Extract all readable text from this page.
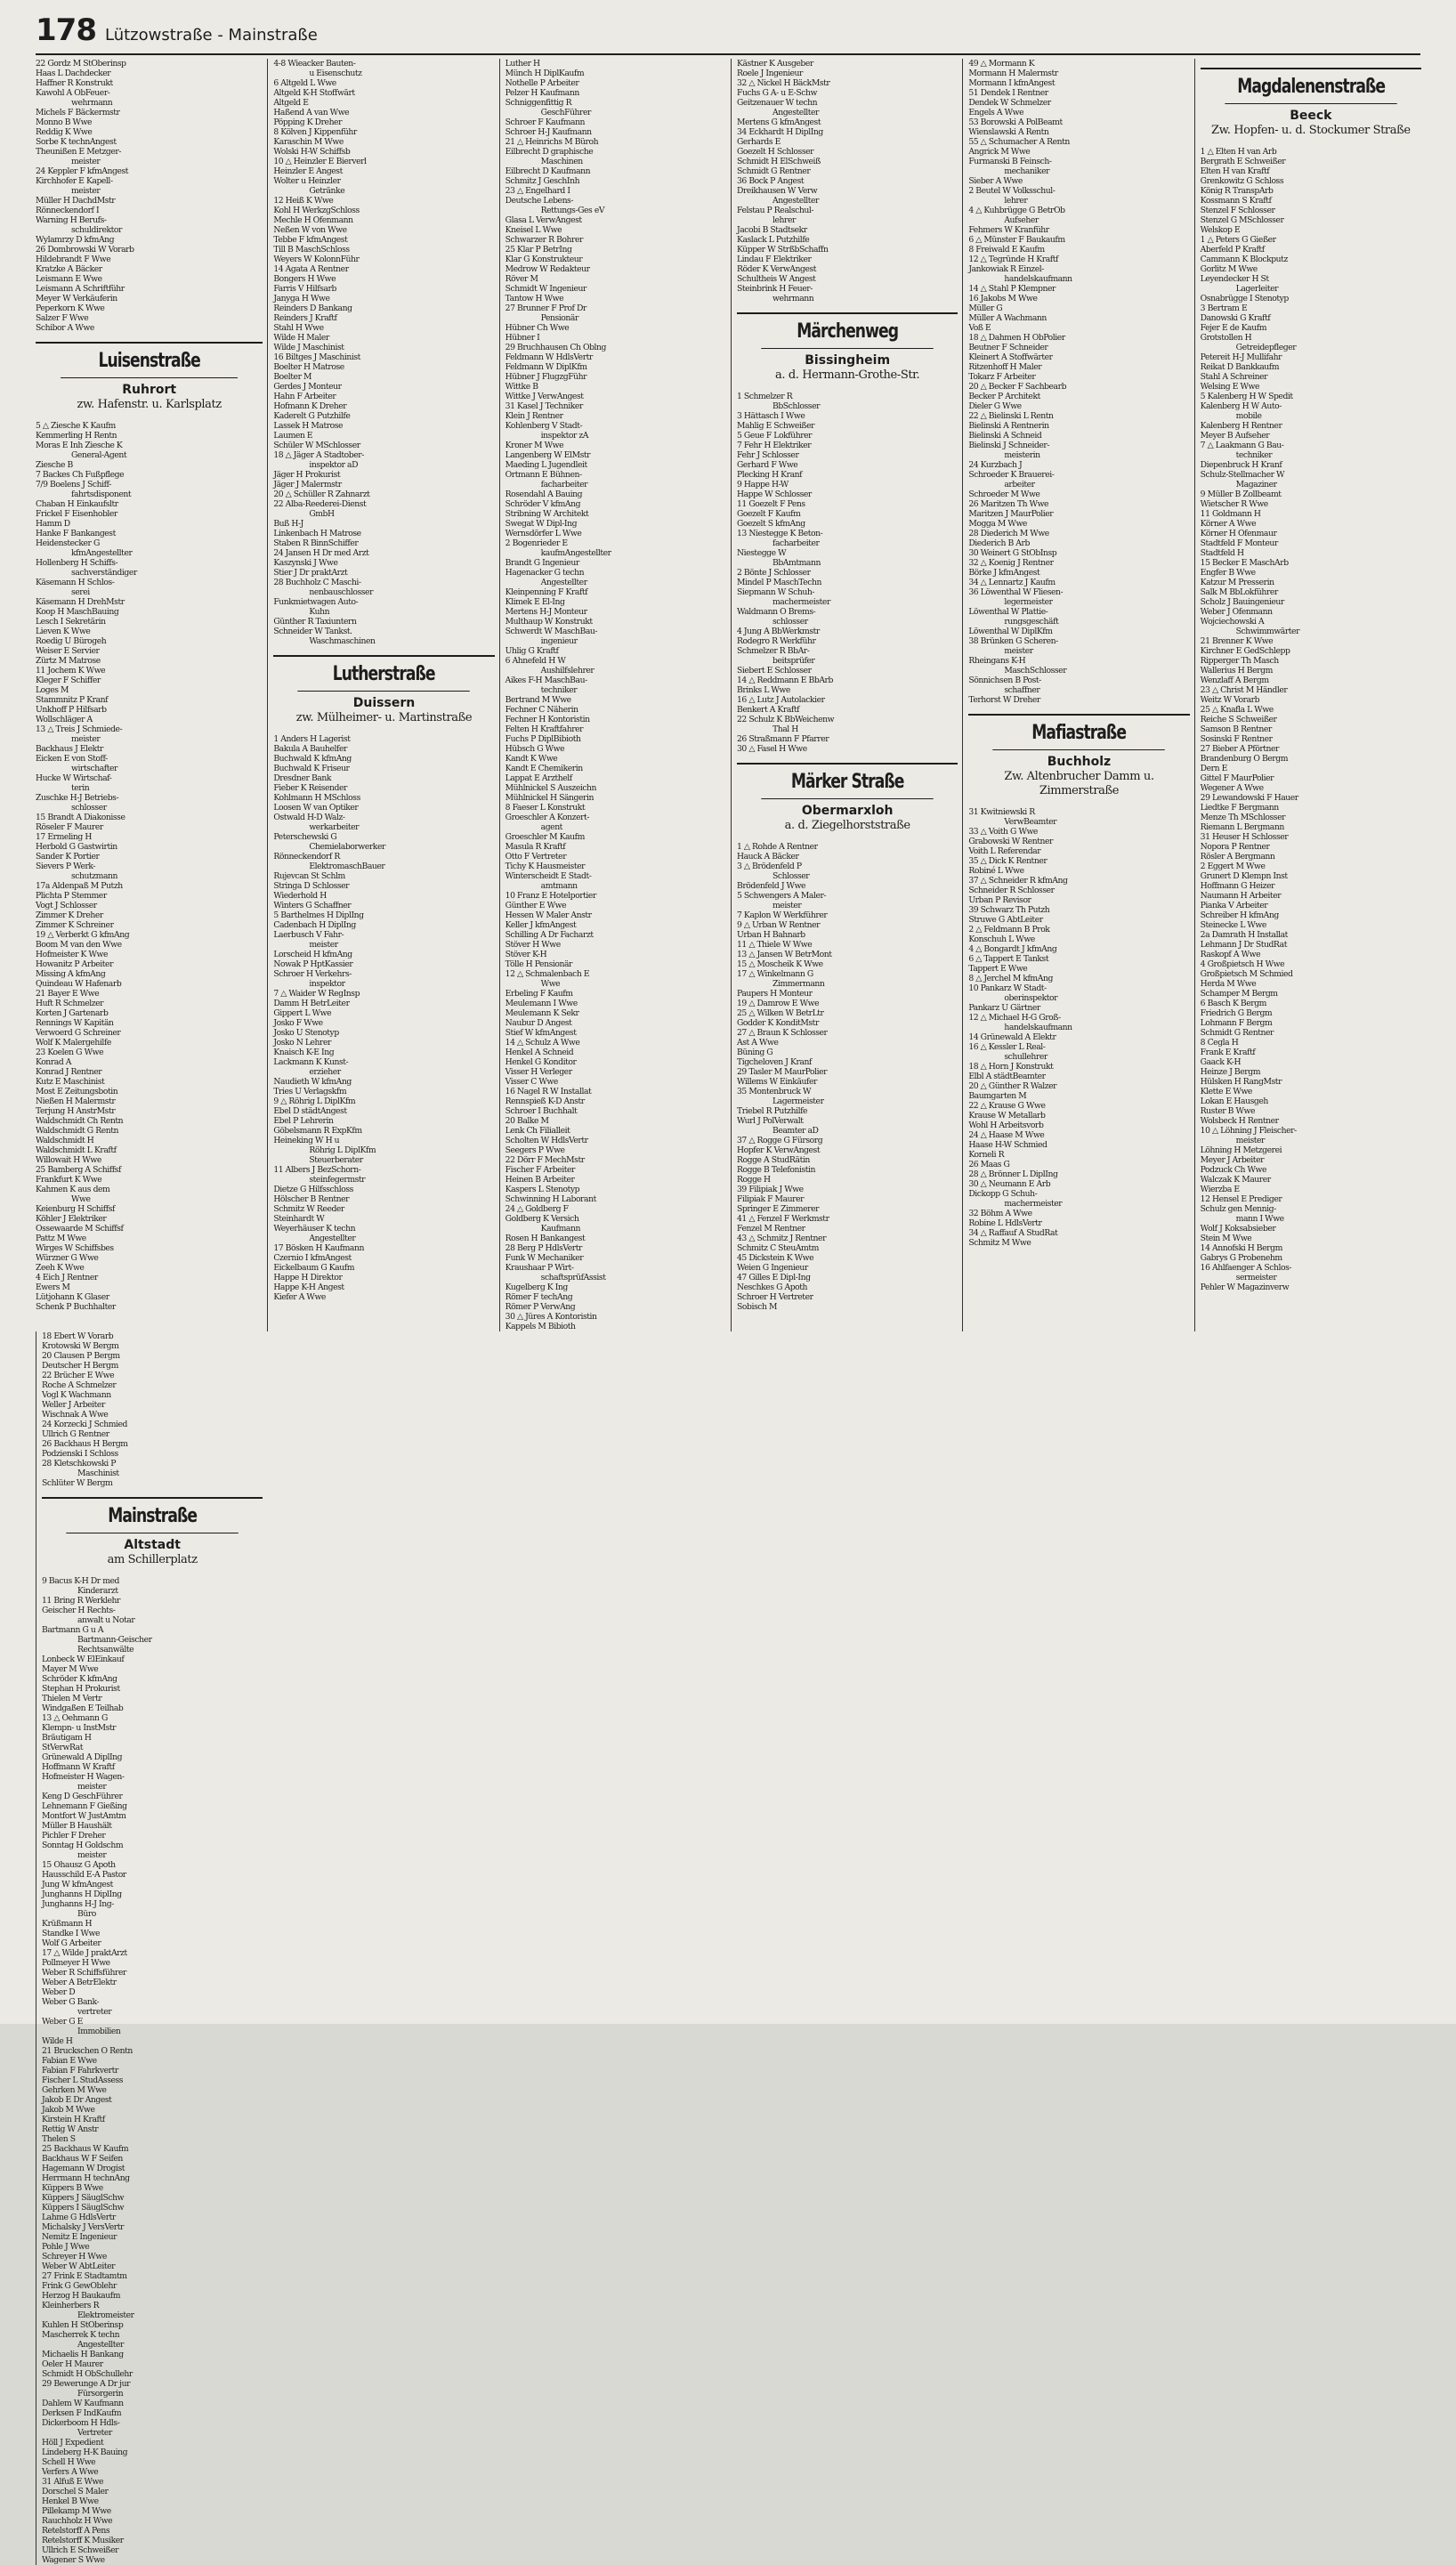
178 Lützowstraße - Mainstraße
22 Gordz M StOberinsp
Haas L Dachdecker
Haffner R Konstrukt
Kawohl A ObFeuer-
wehrmann
Michels F Bäckermstr
Monno B Wwe
Reddig K Wwe
Sorbe K technAngest
Theunißen E Metzger-
meister
24 Keppler F kfmAngest
Kirchhofer E Kapell-
meister
Müller H DachdMstr
Rönneckendorf I
Warning H Berufs-
schuldirektor
Wylamrzy D kfmAng
26 Dombrowski W Vorarb
Hildebrandt F Wwe
Kratzke A Bäcker
Leismann E Wwe
Leismann A Schriftführ
Meyer W Verkäuferin
Peperkorn K Wwe
Salzer F Wwe
Schibor A Wwe
Luisenstraße
Ruhrort
zw. Hafenstr. u. Karlsplatz
5 △ Ziesche K Kaufm
Kemmerling H Rentn
Moras E Inh Ziesche K
General-Agent
Ziesche B
7 Backes Ch Fußpflege
7/9 Boelens J Schiff-
fahrtsdisponent
Chaban H Einkaufsltr
Frickel F Eisenhobler
Hamm D
Hanke F Bankangest
Heidenstecker G
kfmAngestellter
Hollenberg H Schiffs-
sachverständiger
Käsemann H Schlos-
serei
Käsemann H DrehMstr
Koop H MaschBauing
Lesch I Sekretärin
Lieven K Wwe
Roedig U Bürogeh
Weiser E Servier
Zürtz M Matrose
11 Jochem K Wwe
Kleger F Schiffer
Loges M
Stammnitz P Kranf
Unkhoff P Hilfsarb
Wollschläger A
13 △ Treis J Schmiede-
meister
Backhaus J Elektr
Eicken E von Stoff-
wirtschafter
Hucke W Wirtschaf-
terin
Zuschke H-J Betriebs-
schlosser
15 Brandt A Diakonisse
Röseler F Maurer
17 Ermeling H
Herbold G Gastwirtin
Sander K Portier
Sievers P Werk-
schutzmann
17a Aldenpaß M Putzh
Plichta P Stemmer
Vogt J Schlosser
Zimmer K Dreher
Zimmer K Schreiner
19 △ Verberkt G kfmAng
Boom M van den Wwe
Hofmeister K Wwe
Howanitz P Arbeiter
Missing A kfmAng
Quindeau W Hafenarb
21 Bayer E Wwe
Huft R Schmelzer
Korten J Gartenarb
Rennings W Kapitän
Verwoerd G Schreiner
Wolf K Malergehilfe
23 Koelen G Wwe
Konrad A
Konrad J Rentner
Kutz E Maschinist
Most E Zeitungsbotin
Nießen H Malermstr
Terjung H AnstrMstr
Waldschmidt Ch Rentn
Waldschmidt G Rentn
Waldschmidt H
Waldschmidt L Kraftf
Willowait H Wwe
25 Bamberg A Schiffsf
Frankfurt K Wwe
Kahmen K aus dem
Wwe
Keienburg H Schiffsf
Köhler J Elektriker
Ossewaarde M Schiffsf
Pattz M Wwe
Wirges W Schiffsbes
Würzner G Wwe
Zeeh K Wwe
4 Eich J Rentner
Ewers M
Lütjohann K Glaser
Schenk P Buchhalter
4-8 Wieacker Bauten-
u Eisenschutz
6 Altgeld L Wwe
Altgeld K-H Stoffwärt
Altgeld E
Haßend A van Wwe
Pöpping K Dreher
8 Kölven J Kippenführ
Karaschin M Wwe
Wolski H-W Schiffsb
10 △ Heinzler E Bierverl
Heinzler E Angest
Wolter u Heinzler
Getränke
12 Heiß K Wwe
Kohl H WerkzgSchloss
Mechle H Ofenmann
Neßen W von Wwe
Tebbe F kfmAngest
Till B MaschSchloss
Weyers W KolonnFühr
14 Agata A Rentner
Bongers H Wwe
Farris V Hilfsarb
Janyga H Wwe
Reinders D Bankang
Reinders J Kraftf
Stahl H Wwe
Wilde H Maler
Wilde J Maschinist
16 Biltges J Maschinist
Boelter H Matrose
Boelter M
Gerdes J Monteur
Hahn F Arbeiter
Hofmann K Dreher
Kaderelt G Putzhilfe
Lassek H Matrose
Laumen E
Schüler W MSchlosser
18 △ Jäger A Stadtober-
inspektor aD
Jäger H Prokurist
Jäger J Malermstr
20 △ Schüller R Zahnarzt
22 Alba-Reederei-Dienst
GmbH
Buß H-J
Linkenbach H Matrose
Staben R BinnSchiffer
24 Jansen H Dr med Arzt
Kaszynski J Wwe
Stier J Dr praktArzt
28 Buchholz C Maschi-
nenbauschlosser
Funkmietwagen Auto-
Kuhn
Günther R Taxiuntern
Schneider W Tankst.
Waschmaschinen
Lutherstraße
Duissern
zw. Mülheimer- u. Martinstraße
1 Anders H Lagerist
Bakula A Bauhelfer
Buchwald K kfmAng
Buchwald K Friseur
Dresdner Bank
Fieber K Reisender
Kohlmann H MSchloss
Loosen W van Optiker
Ostwald H-D Walz-
werkarbeiter
Peterschewski G
Chemielaborwerker
Rönneckendorf R
ElektromaschBauer
Rujevcan St Schlm
Stringa D Schlosser
Wiederhold H
Winters G Schaffner
5 Barthelmes H DiplIng
Cadenbach H DiplIng
Laerbusch V Fahr-
meister
Lorscheid H kfmAng
Nowak P HptKassier
Schroer H Verkehrs-
inspektor
7 △ Waider W RegInsp
Damm H BetrLeiter
Gippert L Wwe
Josko F Wwe
Josko U Stenotyp
Josko N Lehrer
Knaisch K-E Ing
Lackmann K Kunst-
erzieher
Naudieth W kfmAng
Tries U Verlagskfm
9 △ Röhrig L DiplKfm
Ebel D städtAngest
Ebel P Lehrerin
Göbelsmann R ExpKfm
Heineking W H u
Röhrig L DiplKfm
Steuerberater
11 Albers J BezSchorn-
steinfegermstr
Dietze G Hilfsschloss
Hölscher B Rentner
Schmitz W Reeder
Steinhardt W
Weyerhäuser K techn
Angestellter
17 Bösken H Kaufmann
Czernio I kfmAngest
Eickelbaum G Kaufm
Happe H Direktor
Happe K-H Angest
Kiefer A Wwe
Luther H
Münch H DiplKaufm
Nothelle P Arbeiter
Pelzer H Kaufmann
Schniggenfittig R
GeschFührer
Schroer F Kaufmann
Schroer H-J Kaufmann
21 △ Heinrichs M Büroh
Eilbrecht D graphische
Maschinen
Eilbrecht D Kaufmann
Schmitz J GeschInh
23 △ Engelhard I
Deutsche Lebens-
Rettungs-Ges eV
Glasa L VerwAngest
Kneisel L Wwe
Schwarzer R Bohrer
25 Klar P BetrIng
Klar G Konstrukteur
Medrow W Redakteur
Röver M
Schmidt W Ingenieur
Tantow H Wwe
27 Brunner F Prof Dr
Pensionär
Hübner Ch Wwe
Hübner I
29 Bruchhausen Ch Oblng
Feldmann W HdlsVertr
Feldmann W DiplKfm
Hübner J FlugzgFühr
Wittke B
Wittke J VerwAngest
31 Kasel J Techniker
Klein J Rentner
Kohlenberg V Stadt-
inspektor zA
Kroner M Wwe
Langenberg W ElMstr
Maeding L Jugendleit
Ortmann E Bühnen-
facharbeiter
Rosendahl A Bauing
Schröder V kfmAng
Stribning W Architekt
Swegat W Dipl-Ing
Wernsdörfer L Wwe
2 Bogenrieder E
kaufmAngestellter
Brandt G Ingenieur
Hagenacker G techn
Angestellter
Kleinpenning F Kraftf
Klimek E El-Ing
Mertens H-J Monteur
Multhaup W Konstrukt
Schwerdt W MaschBau-
ingenieur
Uhlig G Kraftf
6 Ahnefeld H W
Aushilfslehrer
Aikes F-H MaschBau-
techniker
Bertrand M Wwe
Fechner C Näherin
Fechner H Kontoristin
Felten H Kraftfahrer
Fuchs P DiplBibioth
Hübsch G Wwe
Kandt K Wwe
Kandt E Chemikerin
Lappat E Arzthelf
Mühlnickel S Auszeichn
Mühlnickel H Sängerin
8 Faeser L Konstrukt
Groeschler A Konzert-
agent
Groeschler M Kaufm
Masula R Kraftf
Otto F Vertreter
Tichy K Hausmeister
Winterscheidt E Stadt-
amtmann
10 Franz E Hotelportier
Günther E Wwe
Hessen W Maler Anstr
Keller J kfmAngest
Schilling A Dr Facharzt
Stöver H Wwe
Stöver K-H
Tölle H Pensionär
12 △ Schmalenbach E
Wwe
Erbeling F Kaufm
Meulemann I Wwe
Meulemann K Sekr
Naubur D Angest
Stief W kfmAngest
14 △ Schulz A Wwe
Henkel A Schneid
Henkel G Konditor
Visser H Verleger
Visser C Wwe
16 Nagel R W Installat
Rennspieß K-D Anstr
Schroer I Buchhalt
20 Balke M
Lenk Ch Filialleit
Scholten W HdlsVertr
Seegers P Wwe
22 Dörr F MechMstr
Fischer F Arbeiter
Heinen B Arbeiter
Kaspers L Stenotyp
Schwinning H Laborant
24 △ Goldberg F
Goldberg K Versich
Kaufmann
Rosen H Bankangest
28 Berg P HdlsVertr
Funk W Mechaniker
Kraushaar P Wirt-
schaftsprüfAssist
Kugelberg K Ing
Römer F techAng
Römer P VerwAng
30 △ Jüres A Kontoristin
Kappels M Bibioth
Kästner K Ausgeber
Roele J Ingenieur
32 △ Nickel H BäckMstr
Fuchs G A- u E-Schw
Geitzenauer W techn
Angestellter
Mertens G kfmAngest
34 Eckhardt H DiplIng
Gerhards E
Goezelt H Schlosser
Schmidt H ElSchweiß
Schmidt G Rentner
36 Bock P Angest
Dreikhausen W Verw
Angestellter
Felstau P Realschul-
lehrer
Jacobi B Stadtsekr
Kaslack L Putzhilfe
Küpper W StrßbSchaffn
Lindau F Elektriker
Röder K VerwAngest
Schultheis W Angest
Steinbrink H Feuer-
wehrmann
Märchenweg
Bissingheim
a. d. Hermann-Grothe-Str.
1 Schmelzer R
BbSchlosser
3 Hättasch I Wwe
Mahlig E Schweißer
5 Geue F Lokführer
7 Fehr H Elektriker
Fehr J Schlosser
Gerhard F Wwe
Plecking H Kranf
9 Happe H-W
Happe W Schlosser
11 Goezelt F Pens
Goezelt F Kaufm
Goezelt S kfmAng
13 Niestegge K Beton-
facharbeiter
Niestegge W
BbAmtmann
2 Bönte J Schlosser
Mindel P MaschTechn
Siepmann W Schuh-
machermeister
Waldmann O Brems-
schlosser
4 Jung A BbWerkmstr
Rodegro R Werkführ
Schmelzer R BbAr-
beitsprüfer
Siebert E Schlosser
14 △ Reddmann E BbArb
Brinks L Wwe
16 △ Lutz J Autolackier
Benkert A Kraftf
22 Schulz K BbWeichenw
Thal H
26 Straßmann F Pfarrer
30 △ Fasel H Wwe
Märker Straße
Obermarxloh
a. d. Ziegelhorststraße
1 △ Rohde A Rentner
Hauck A Bäcker
3 △ Brödenfeld P
Schlosser
Brödenfeld J Wwe
5 Schwengers A Maler-
meister
7 Kaplon W Werkführer
9 △ Urban W Rentner
Urban H Bahnarb
11 △ Thiele W Wwe
13 △ Jansen W BetrMont
15 △ Moscheik K Wwe
17 △ Winkelmann G
Zimmermann
Paupers H Monteur
19 △ Damrow E Wwe
25 △ Wilken W BetrLtr
Godder K KonditMstr
27 △ Braun K Schlosser
Ast A Wwe
Büning G
Tigcheloven J Kranf
29 Tasler M MaurPolier
Willems W Einkäufer
35 Montenbruck W
Lagermeister
Triebel R Putzhilfe
Wurl J PolVerwalt
Beamter aD
37 △ Rogge G Fürsorg
Hopfer K VerwAngest
Rogge A StudRätin
Rogge B Telefonistin
Rogge H
39 Filipiak J Wwe
Filipiak F Maurer
Springer E Zimmerer
41 △ Fenzel F Werkmstr
Fenzel M Rentner
43 △ Schmitz J Rentner
Schmitz C SteuAmtm
45 Dickstein K Wwe
Weien G Ingenieur
47 Gilles E Dipl-Ing
Neschkes G Apoth
Schroer H Vertreter
Sobisch M
49 △ Mormann K
Mormann H Malermstr
Mormann I kfmAngest
51 Dendek I Rentner
Dendek W Schmelzer
Engels A Wwe
53 Borowski A PolBeamt
Wienslawski A Rentn
55 △ Schumacher A Rentn
Angrick M Wwe
Furmanski B Feinsch-
mechaniker
Sieber A Wwe
2 Beutel W Volksschul-
lehrer
4 △ Kuhbrügge G BetrOb
Aufseher
Fehmers W Kranführ
6 △ Münster F Baukaufm
8 Freiwald E Kaufm
12 △ Tegründe H Kraftf
Jankowiak R Einzel-
handelskaufmann
14 △ Stahl P Klempner
16 Jakobs M Wwe
Müller G
Müller A Wachmann
Voß E
18 △ Dahmen H ObPolier
Beutner F Schneider
Kleinert A Stoffwärter
Ritzenhoff H Maler
Tokarz F Arbeiter
20 △ Becker F Sachbearb
Becker P Architekt
Dieler G Wwe
22 △ Bielinski L Rentn
Bielinski A Rentnerin
Bielinski A Schneid
Bielinski J Schneider-
meisterin
24 Kurzbach J
Schroeder K Brauerei-
arbeiter
Schroeder M Wwe
26 Maritzen Th Wwe
Maritzen J MaurPolier
Mogga M Wwe
28 Diederich M Wwe
Diederich B Arb
30 Weinert G StObInsp
32 △ Koenig J Rentner
Börke J kfmAngest
34 △ Lennartz J Kaufm
36 Löwenthal W Fliesen-
legermeister
Löwenthal W Plattie-
rungsgeschäft
Löwenthal W DiplKfm
38 Brünken G Scheren-
meister
Rheingans K-H
MaschSchlosser
Sönnichsen B Post-
schaffner
Terhorst W Dreher
Mafiastraße
Buchholz
Zw. Altenbrucher Damm u. Zimmerstraße
31 Kwitniewski R
VerwBeamter
33 △ Voith G Wwe
Grabowski W Rentner
Voith L Referendar
35 △ Dick K Rentner
Robiné L Wwe
37 △ Schneider R kfmAng
Schneider R Schlosser
Urban P Revisor
39 Schwarz Th Putzh
Struwe G AbtLeiter
2 △ Feldmann B Prok
Konschuh L Wwe
4 △ Bongardt J kfmAng
6 △ Tappert E Tankst
Tappert E Wwe
8 △ Jerchel M kfmAng
10 Pankarz W Stadt-
oberinspektor
Pankarz U Gärtner
12 △ Michael H-G Groß-
handelskaufmann
14 Grünewald A Elektr
16 △ Kessler L Real-
schullehrer
18 △ Horn J Konstrukt
Elbl A städtBeamter
20 △ Günther R Walzer
Baumgarten M
22 △ Krause G Wwe
Krause W Metallarb
Wohl H Arbeitsvorb
24 △ Haase M Wwe
Haase H-W Schmied
Korneli R
26 Maas G
28 △ Brönner L DiplIng
30 △ Neumann E Arb
Dickopp G Schuh-
machermeister
32 Böhm A Wwe
Robine L HdlsVertr
34 △ Raffauf A StudRat
Schmitz M Wwe
Magdalenenstraße
Beeck
Zw. Hopfen- u. d. Stockumer Straße
1 △ Elten H van Arb
Bergrath E Schweißer
Elten H van Kraftf
Grenkowitz G Schloss
König R TranspArb
Kossmann S Kraftf
Stenzel F Schlosser
Stenzel G MSchlosser
Welskop E
1 △ Peters G Gießer
Aberfeld P Kraftf
Cammann K Blockputz
Gorlitz M Wwe
Leyendecker H St
Lagerleiter
Osnabrügge I Stenotyp
3 Bertram E
Danowski G Kraftf
Fejer E de Kaufm
Grotstollen H
Getreidepfleger
Petereit H-J Mullifahr
Reikat D Bankkaufm
Stahl A Schreiner
Welsing E Wwe
5 Kalenberg H W Spedit
Kalenberg H W Auto-
mobile
Kalenberg H Rentner
Meyer B Aufseher
7 △ Laakmann G Bau-
techniker
Diepenbruck H Kranf
Schulz-Stellmacher W
Magaziner
9 Müller B Zollbeamt
Wietscher R Wwe
11 Goldmann H
Körner A Wwe
Körner H Ofenmaur
Stadtfeld F Monteur
Stadtfeld H
15 Becker E MaschArb
Engfer B Wwe
Katzur M Presserin
Salk M BbLokführer
Scholz J Bauingenieur
Weber J Ofenmann
Wojciechowski A
Schwimmwärter
21 Brenner K Wwe
Kirchner E GedSchlepp
Ripperger Th Masch
Wallerius H Bergm
Wenzlaff A Bergm
23 △ Christ M Händler
Weitz W Vorarb
25 △ Knafla L Wwe
Reiche S Schweißer
Samson B Rentner
Sosinski F Rentner
27 Bieber A Pförtner
Brandenburg O Bergm
Dern E
Gittel F MaurPolier
Wegener A Wwe
29 Lewandowski F Hauer
Liedtke F Bergmann
Menze Th MSchlosser
Riemann L Bergmann
31 Heuser H Schlosser
Nopora P Rentner
Rösler A Bergmann
2 Eggert M Wwe
Grunert D Klempn Inst
Hoffmann G Heizer
Naumann H Arbeiter
Pianka V Arbeiter
Schreiber H kfmAng
Steinecke L Wwe
2a Damrath H Installat
Lehmann J Dr StudRat
Raskopf A Wwe
4 Großpietsch H Wwe
Großpietsch M Schmied
Herda M Wwe
Schamper M Bergm
6 Basch K Bergm
Friedrich G Bergm
Lohmann F Bergm
Schmidt G Rentner
8 Cegla H
Frank E Kraftf
Gaack K-H
Heinze J Bergm
Hülsken H RangMstr
Klette E Wwe
Lokan E Hausgeh
Ruster B Wwe
Wolsbeck H Rentner
10 △ Löhning J Fleischer-
meister
Löhning H Metzgerei
Meyer J Arbeiter
Podzuck Ch Wwe
Walczak K Maurer
Wierzba E
12 Hensel E Prediger
Schulz gen Mennig-
mann I Wwe
Wolf J Koksabsieber
Stein M Wwe
14 Annofski H Bergm
Gabrys G Probenehm
16 Ahlfaenger A Schlos-
sermeister
Pehler W Magazinverw
18 Ebert W Vorarb
Krotowski W Bergm
20 Clausen P Bergm
Deutscher H Bergm
22 Brücher E Wwe
Roche A Schmelzer
Vogl K Wachmann
Weller J Arbeiter
Wischnak A Wwe
24 Korzecki J Schmied
Ullrich G Rentner
26 Backhaus H Bergm
Podzienski I Schloss
28 Kletschkowski P
Maschinist
Schlüter W Bergm
Mainstraße
Altstadt
am Schillerplatz
9 Bacus K-H Dr med
Kinderarzt
11 Bring R Werklehr
Geischer H Rechts-
anwalt u Notar
Bartmann G u A
Bartmann-Geischer
Rechtsanwälte
Lonbeck W ElEinkauf
Mayer M Wwe
Schröder K kfmAng
Stephan H Prokurist
Thielen M Vertr
Windgaßen E Teilhab
13 △ Oehmann G
Klempn- u InstMstr
Bräutigam H
StVerwRat
Grünewald A DiplIng
Hoffmann W Kraftf
Hofmeister H Wagen-
meister
Keng D GeschFührer
Lehnemann F Gießing
Montfort W JustAmtm
Müller B Haushält
Pichler F Dreher
Sonntag H Goldschm
meister
15 Ohausz G Apoth
Hausschild E-A Pastor
Jung W kfmAngest
Junghanns H DiplIng
Junghanns H-J Ing-
Büro
Krüßmann H
Standke I Wwe
Wolf G Arbeiter
17 △ Wilde J praktArzt
Pollmeyer H Wwe
Weber R Schiffsführer
Weber A BetrElektr
Weber D
Weber G Bank-
vertreter
Weber G E
Immobilien
Wilde H
21 Bruckschen O Rentn
Fabian E Wwe
Fabian F Fahrkvertr
Fischer L StudAssess
Gehrken M Wwe
Jakob E Dr Angest
Jakob M Wwe
Kirstein H Kraftf
Rettig W Anstr
Thelen S
25 Backhaus W Kaufm
Backhaus W F Seifen
Hagemann W Drogist
Herrmann H technAng
Küppers B Wwe
Küppers J SäuglSchw
Küppers I SäuglSchw
Lahme G HdlsVertr
Michalsky J VersVertr
Nemitz E Ingenieur
Pohle J Wwe
Schreyer H Wwe
Weber W AbtLeiter
27 Frink E Stadtamtm
Frink G GewOblehr
Herzog H Baukaufm
Kleinherbers R
Elektromeister
Kuhlen H StOberinsp
Mascherrek K techn
Angestellter
Michaelis H Bankang
Oeler H Maurer
Schmidt H ObSchullehr
29 Bewerunge A Dr jur
Fürsorgerin
Dahlem W Kaufmann
Derksen F IndKaufm
Dickerboom H Hdls-
Vertreter
Höll J Expedient
Lindeberg H-K Bauing
Schell H Wwe
Verfers A Wwe
31 Alfuß E Wwe
Dorschel S Maler
Henkel B Wwe
Pillekamp M Wwe
Rauchholz H Wwe
Retelstorff A Pens
Retelstorff K Musiker
Ullrich E Schweißer
Wagener S Wwe
